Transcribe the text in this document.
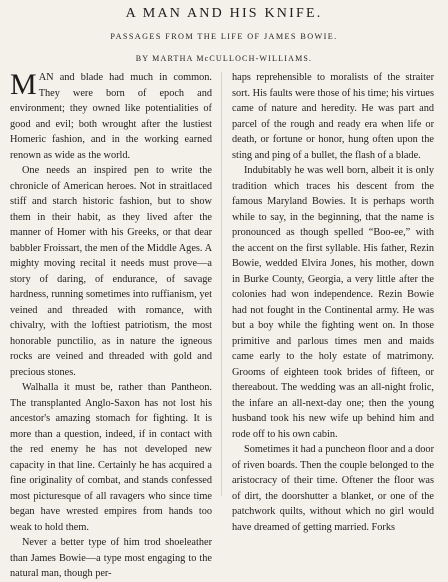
A MAN AND HIS KNIFE.
PASSAGES FROM THE LIFE OF JAMES BOWIE.
BY MARTHA McCULLOCH-WILLIAMS.

MAN and blade had much in common. They were born of epoch and environment; they owned like potentialities of good and evil; both wrought after the lustiest Homeric fashion, and in the working earned renown as wide as the world.

One needs an inspired pen to write the chronicle of American heroes. Not in straitlaced stiff and starch historic fashion, but to show them in their habit, as they lived after the manner of Homer with his Greeks, or that dear babbler Froissart, the men of the Middle Ages. A mighty moving recital it needs must prove—a story of daring, of endurance, of savage hardness, running sometimes into ruffianism, yet veined and threaded with romance, with chivalry, with the loftiest patriotism, the most honorable punctilio, as in nature the igneous rocks are veined and threaded with gold and precious stones.

Walhalla it must be, rather than Pantheon. The transplanted Anglo-Saxon has not lost his ancestor's amazing stomach for fighting. It is more than a question, indeed, if in contact with the red enemy he has not developed new capacity in that line. Certainly he has acquired a fine originality of combat, and stands confessed most picturesque of all ravagers who since time began have wrested empires from hands too weak to hold them.

Never a better type of him trod shoeleather than James Bowie—a type most engaging to the natural man, though per-

haps reprehensible to moralists of the straiter sort. His faults were those of his time; his virtues came of nature and heredity. He was part and parcel of the rough and ready era when life or death, or fortune or honor, hung often upon the sting and ping of a bullet, the flash of a blade.

Indubitably he was well born, albeit it is only tradition which traces his descent from the famous Maryland Bowies. It is perhaps worth while to say, in the beginning, that the name is pronounced as though spelled “Boo-ee,” with the accent on the first syllable. His father, Rezin Bowie, wedded Elvira Jones, his mother, down in Burke County, Georgia, a very little after the colonies had won independence. Rezin Bowie had not fought in the Continental army. He was but a boy while the fighting went on. In those primitive and parlous times men and maids came early to the holy estate of matrimony. Grooms of eighteen took brides of fifteen, or thereabout. The wedding was an all-night frolic, the infare an all-next-day one; then the young husband took his new wife up behind him and rode off to his own cabin.

Sometimes it had a puncheon floor and a door of riven boards. Then the couple belonged to the aristocracy of their time. Oftener the floor was of dirt, the doorshutter a blanket, or one of the patchwork quilts, without which no girl would have dreamed of getting married. Forks
